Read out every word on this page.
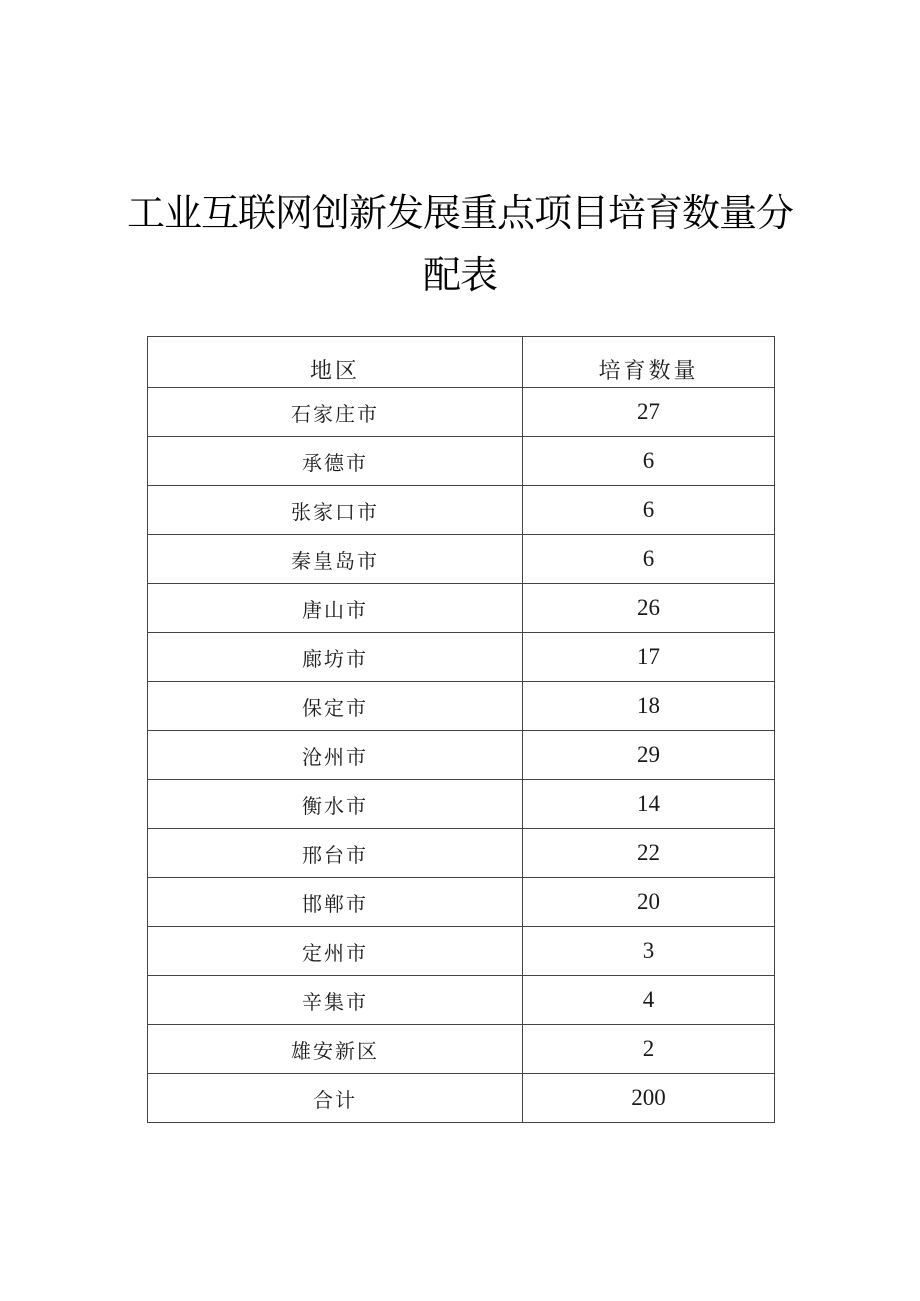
工业互联网创新发展重点项目培育数量分
配表
地区	培育数量
石家庄市	27
承德市	6
张家口市	6
秦皇岛市	6
唐山市	26
廊坊市	17
保定市	18
沧州市	29
衡水市	14
邢台市	22
邯郸市	20
定州市	3
辛集市	4
雄安新区	2
合计	200
